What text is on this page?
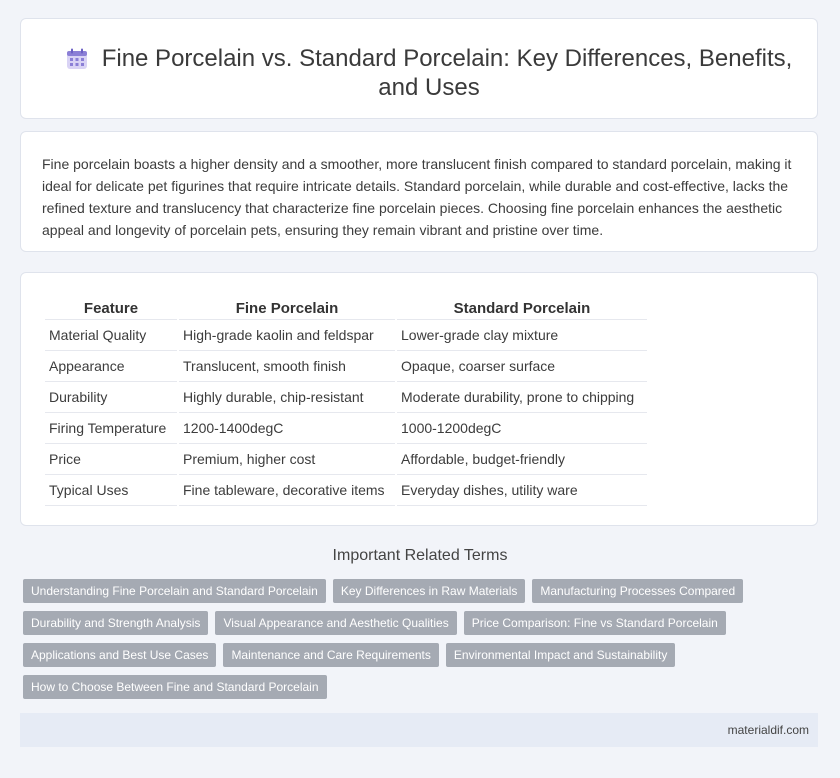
Fine Porcelain vs. Standard Porcelain: Key Differences, Benefits, and Uses

Fine porcelain boasts a higher density and a smoother, more translucent finish compared to standard porcelain, making it ideal for delicate pet figurines that require intricate details. Standard porcelain, while durable and cost-effective, lacks the refined texture and translucency that characterize fine porcelain pieces. Choosing fine porcelain enhances the aesthetic appeal and longevity of porcelain pets, ensuring they remain vibrant and pristine over time.

Feature	Fine Porcelain	Standard Porcelain
Material Quality	High-grade kaolin and feldspar	Lower-grade clay mixture
Appearance	Translucent, smooth finish	Opaque, coarser surface
Durability	Highly durable, chip-resistant	Moderate durability, prone to chipping
Firing Temperature	1200-1400degC	1000-1200degC
Price	Premium, higher cost	Affordable, budget-friendly
Typical Uses	Fine tableware, decorative items	Everyday dishes, utility ware
Important Related Terms
Understanding Fine Porcelain and Standard Porcelain	Key Differences in Raw Materials	Manufacturing Processes Compared
Durability and Strength Analysis	Visual Appearance and Aesthetic Qualities	Price Comparison: Fine vs Standard Porcelain
Applications and Best Use Cases	Maintenance and Care Requirements	Environmental Impact and Sustainability
How to Choose Between Fine and Standard Porcelain
materialdif.com
